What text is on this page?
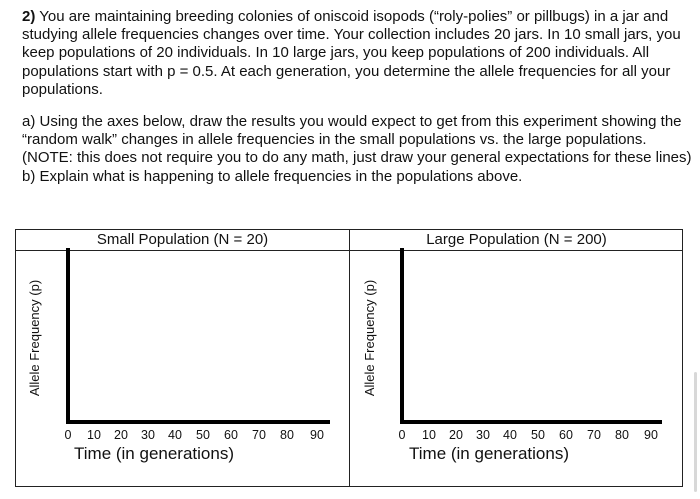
2) You are maintaining breeding colonies of oniscoid isopods (“roly-polies” or pillbugs) in a jar and studying allele frequencies changes over time. Your collection includes 20 jars. In 10 small jars, you keep populations of 20 individuals. In 10 large jars, you keep populations of 200 individuals. All populations start with p = 0.5. At each generation, you determine the allele frequencies for all your populations.

a) Using the axes below, draw the results you would expect to get from this experiment showing the “random walk” changes in allele frequencies in the small populations vs. the large populations. (NOTE: this does not require you to do any math, just draw your general expectations for these lines)

b) Explain what is happening to allele frequencies in the populations above.

Small Population (N = 20)	Large Population (N = 200)
Allele Frequency (p)
0	10	20	30	40	50	60	70	80	90
Time (in generations)
Allele Frequency (p)
0	10	20	30	40	50	60	70	80	90
Time (in generations)
